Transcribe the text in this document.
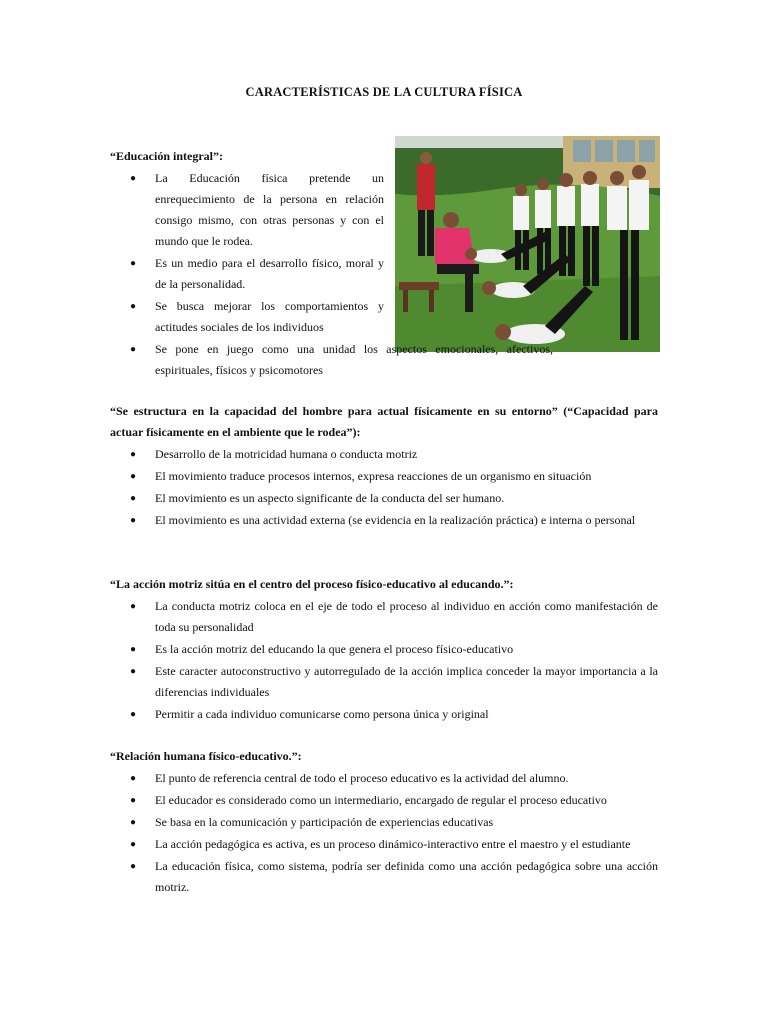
CARACTERÍSTICAS DE LA CULTURA FÍSICA
“Educación integral”:
● La Educación física pretende un enrequecimiento de la persona en relación consigo mismo, con otras personas y con el mundo que le rodea.
● Es un medio para el desarrollo físico, moral y de la personalidad.
● Se busca mejorar los comportamientos y actitudes sociales de los individuos
● Se pone en juego como una unidad los aspectos emocionales, afectivos, espirituales, físicos y psicomotores
“Se estructura en la capacidad del hombre para actual físicamente en su entorno” (“Capacidad para actuar físicamente en el ambiente que le rodea”):
● Desarrollo de la motricidad humana o conducta motriz
● El movimiento traduce procesos internos, expresa reacciones de un organismo en situación
● El movimiento es un aspecto significante de la conducta del ser humano.
● El movimiento es una actividad externa (se evidencia en la realización práctica) e interna o personal
“La acción motriz sitúa en el centro del proceso físico-educativo al educando.”:
● La conducta motriz coloca en el eje de todo el proceso al individuo en acción como manifestación de toda su personalidad
● Es la acción motriz del educando la que genera el proceso físico-educativo
● Este caracter autoconstructivo y autorregulado de la acción implica conceder la mayor importancia a la diferencias individuales
● Permitir a cada individuo comunicarse como persona única y original
“Relación humana físico-educativo.”:
● El punto de referencia central de todo el proceso educativo es la actividad del alumno.
● El educador es considerado como un intermediario, encargado de regular el proceso educativo
● Se basa en la comunicación y participación de experiencias educativas
● La acción pedagógica es activa, es un proceso dinámico-interactivo entre el maestro y el estudiante
● La educación física, como sistema, podría ser definida como una acción pedagógica sobre una acción motriz.
